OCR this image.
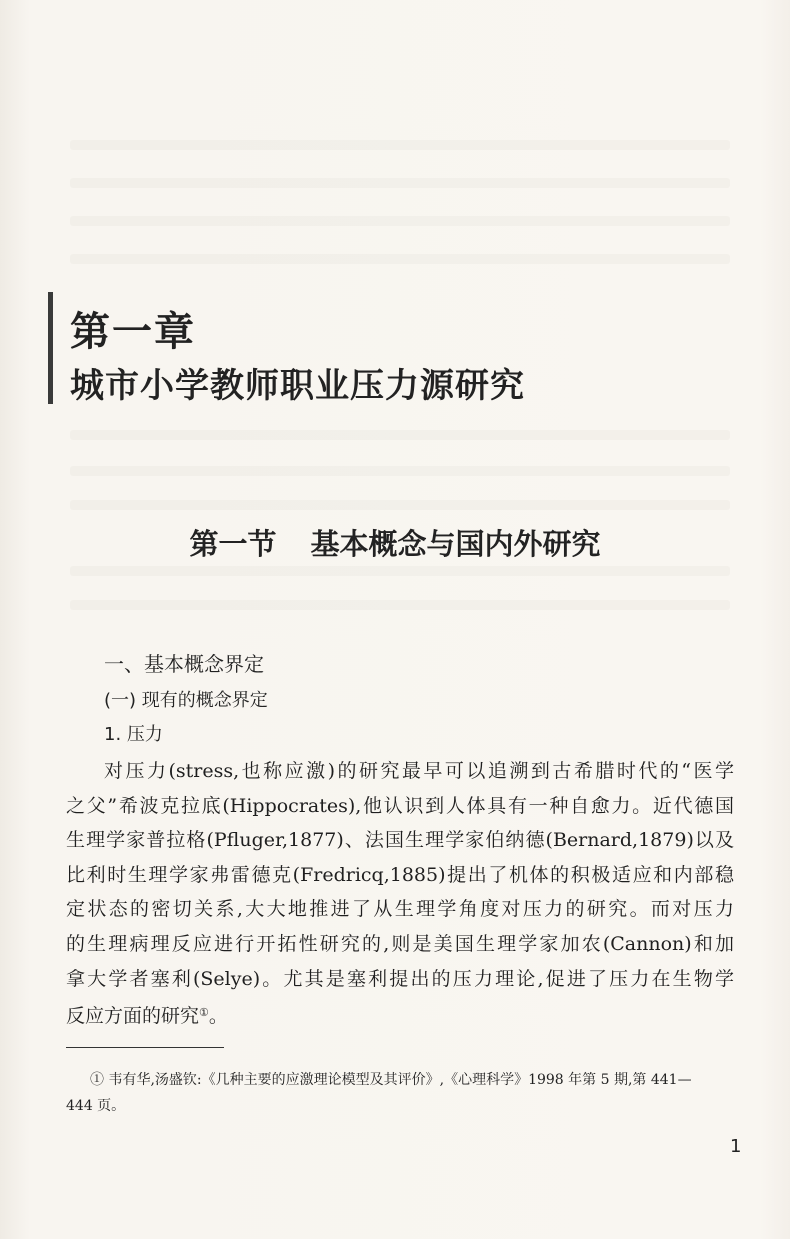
第一章
城市小学教师职业压力源研究
第一节 基本概念与国内外研究
一、基本概念界定
(一) 现有的概念界定
1. 压力
对压力(stress,也称应激)的研究最早可以追溯到古希腊时代的“医学
之父”希波克拉底(Hippocrates),他认识到人体具有一种自愈力。近代德国
生理学家普拉格(Pfluger,1877)、法国生理学家伯纳德(Bernard,1879)以及
比利时生理学家弗雷德克(Fredricq,1885)提出了机体的积极适应和内部稳
定状态的密切关系,大大地推进了从生理学角度对压力的研究。而对压力
的生理病理反应进行开拓性研究的,则是美国生理学家加农(Cannon)和加
拿大学者塞利(Selye)。尤其是塞利提出的压力理论,促进了压力在生物学
反应方面的研究①。
① 韦有华,汤盛钦:《几种主要的应激理论模型及其评价》,《心理科学》1998 年第 5 期,第 441—
444 页。
1
